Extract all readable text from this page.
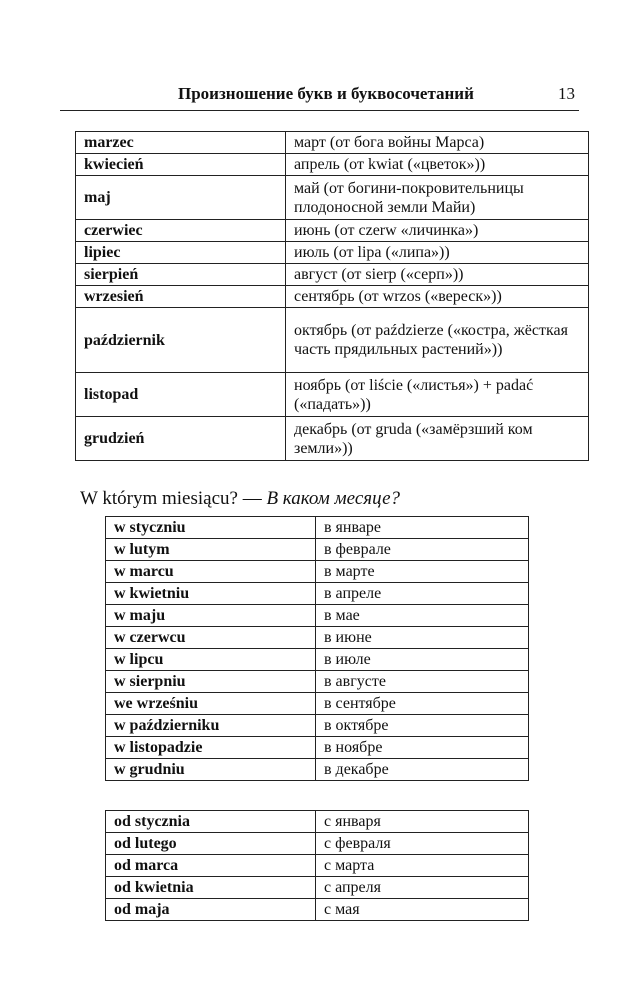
Произношение букв и буквосочетаний	13
marzec	март (от бога войны Марса)
kwiecień	апрель (от kwiat («цветок»))
maj	май (от богини-покровительницы плодоносной земли Майи)
czerwiec	июнь (от czerw «личинка»)
lipiec	июль (от lipa («липа»))
sierpień	август (от sierp («серп»))
wrzesień	сентябрь (от wrzos («вереск»))
październik	октябрь (от paździerze («костра, жёсткая часть прядильных растений»))
listopad	ноябрь (от liście («листья») + padać («падать»))
grudzień	декабрь (от gruda («замёрзший ком земли»))
W którym miesiącu? — В каком месяце?
w styczniu	в январе
w lutym	в феврале
w marcu	в марте
w kwietniu	в апреле
w maju	в мае
w czerwcu	в июне
w lipcu	в июле
w sierpniu	в августе
we wrześniu	в сентябре
w październiku	в октябре
w listopadzie	в ноябре
w grudniu	в декабре
od stycznia	с января
od lutego	с февраля
od marca	с марта
od kwietnia	с апреля
od maja	с мая
